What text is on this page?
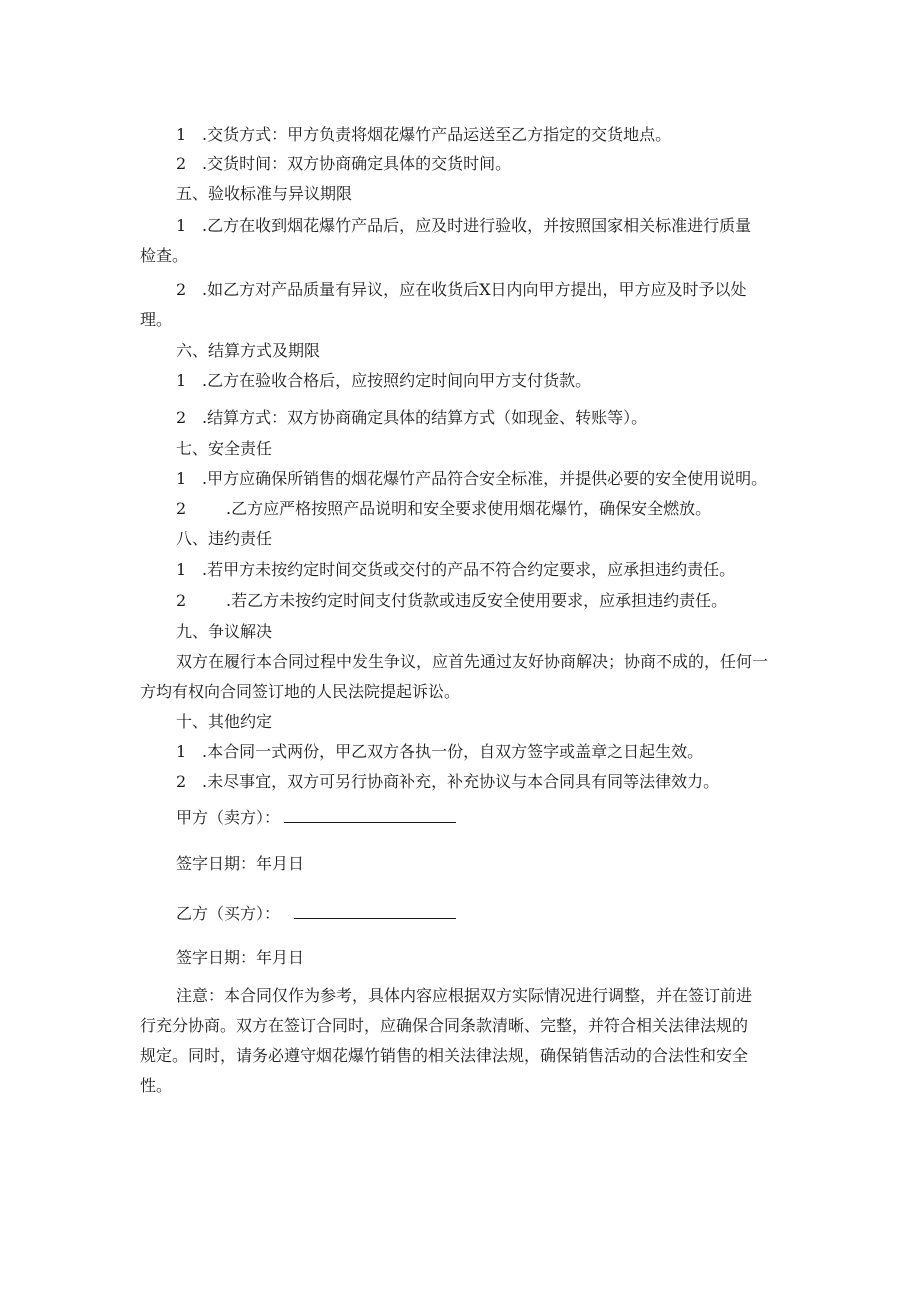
1 .交货方式：甲方负责将烟花爆竹产品运送至乙方指定的交货地点。
2 .交货时间：双方协商确定具体的交货时间。
五、验收标准与异议期限
1 .乙方在收到烟花爆竹产品后，应及时进行验收，并按照国家相关标准进行质量
检查。
2 .如乙方对产品质量有异议，应在收货后X日内向甲方提出，甲方应及时予以处
理。
六、结算方式及期限
1 .乙方在验收合格后，应按照约定时间向甲方支付货款。
2 .结算方式：双方协商确定具体的结算方式（如现金、转账等）。
七、安全责任
1 .甲方应确保所销售的烟花爆竹产品符合安全标准，并提供必要的安全使用说明。
2 .乙方应严格按照产品说明和安全要求使用烟花爆竹，确保安全燃放。
八、违约责任
1 .若甲方未按约定时间交货或交付的产品不符合约定要求，应承担违约责任。
2 .若乙方未按约定时间支付货款或违反安全使用要求，应承担违约责任。
九、争议解决
双方在履行本合同过程中发生争议，应首先通过友好协商解决；协商不成的，任何一
方均有权向合同签订地的人民法院提起诉讼。
十、其他约定
1 .本合同一式两份，甲乙双方各执一份，自双方签字或盖章之日起生效。
2 .未尽事宜，双方可另行协商补充，补充协议与本合同具有同等法律效力。
甲方（卖方）：
签字日期：年月日
乙方（买方）：
签字日期：年月日
注意：本合同仅作为参考，具体内容应根据双方实际情况进行调整，并在签订前进
行充分协商。双方在签订合同时，应确保合同条款清晰、完整，并符合相关法律法规的
规定。同时，请务必遵守烟花爆竹销售的相关法律法规，确保销售活动的合法性和安全
性。
